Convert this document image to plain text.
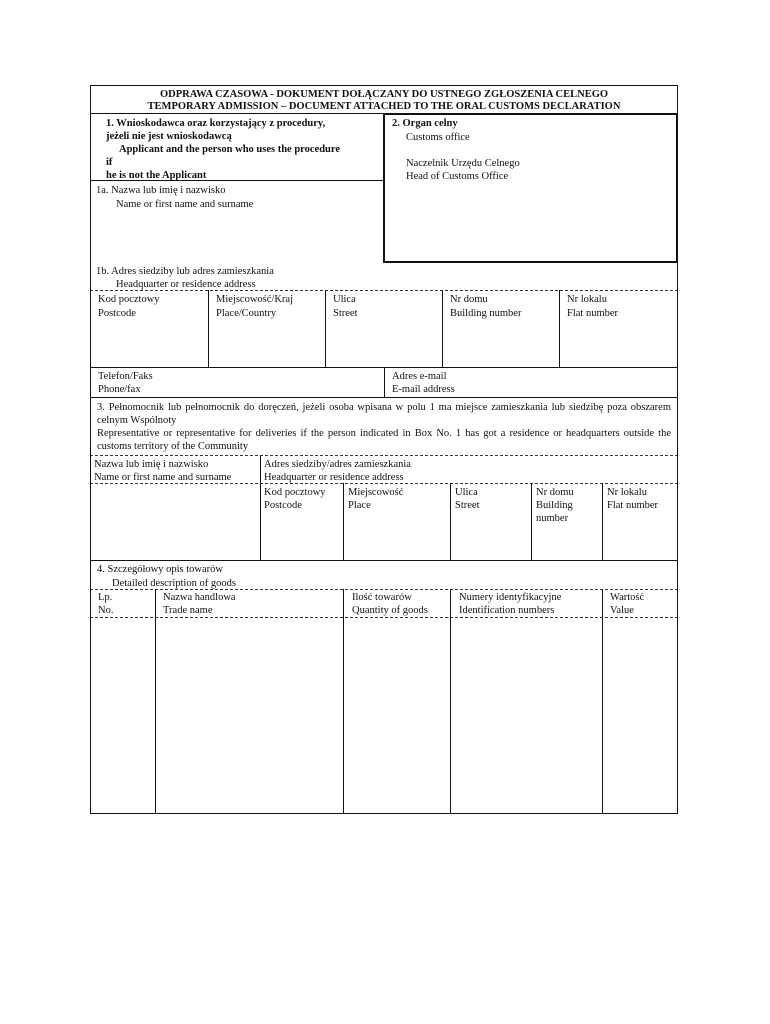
ODPRAWA CZASOWA - DOKUMENT DOŁĄCZANY DO USTNEGO ZGŁOSZENIA CELNEGO
TEMPORARY ADMISSION – DOCUMENT ATTACHED TO THE ORAL CUSTOMS DECLARATION
1. Wnioskodawca oraz korzystający z procedury,
jeżeli nie jest wnioskodawcą
Applicant and the person who uses the procedure
if
he is not the Applicant
2. Organ celny
Customs office
Naczelnik Urzędu Celnego
Head of Customs Office
1a. Nazwa lub imię i nazwisko
Name or first name and surname
1b. Adres siedziby lub adres zamieszkania
Headquarter or residence address
Kod pocztowy
Postcode
Miejscowość/Kraj
Place/Country
Ulica
Street
Nr domu
Building number
Nr lokalu
Flat number
Telefon/Faks
Phone/fax
Adres e-mail
E-mail address
3. Pełnomocnik lub pełnomocnik do doręczeń, jeżeli osoba wpisana w polu 1 ma miejsce zamieszkania lub siedzibę poza obszarem celnym Wspólnoty
Representative or representative for deliveries if the person indicated in Box No. 1 has got a residence or headquarters outside the customs territory of the Community
Nazwa lub imię i nazwisko
Name or first name and surname
Adres siedziby/adres zamieszkania
Headquarter or residence address
Kod pocztowy
Postcode
Miejscowość
Place
Ulica
Street
Nr domu
Building
number
Nr lokalu
Flat number
4. Szczegółowy opis towarów
Detailed description of goods
Lp.
No.
Nazwa handlowa
Trade name
Ilość towarów
Quantity of goods
Numery identyfikacyjne
Identification numbers
Wartość
Value
